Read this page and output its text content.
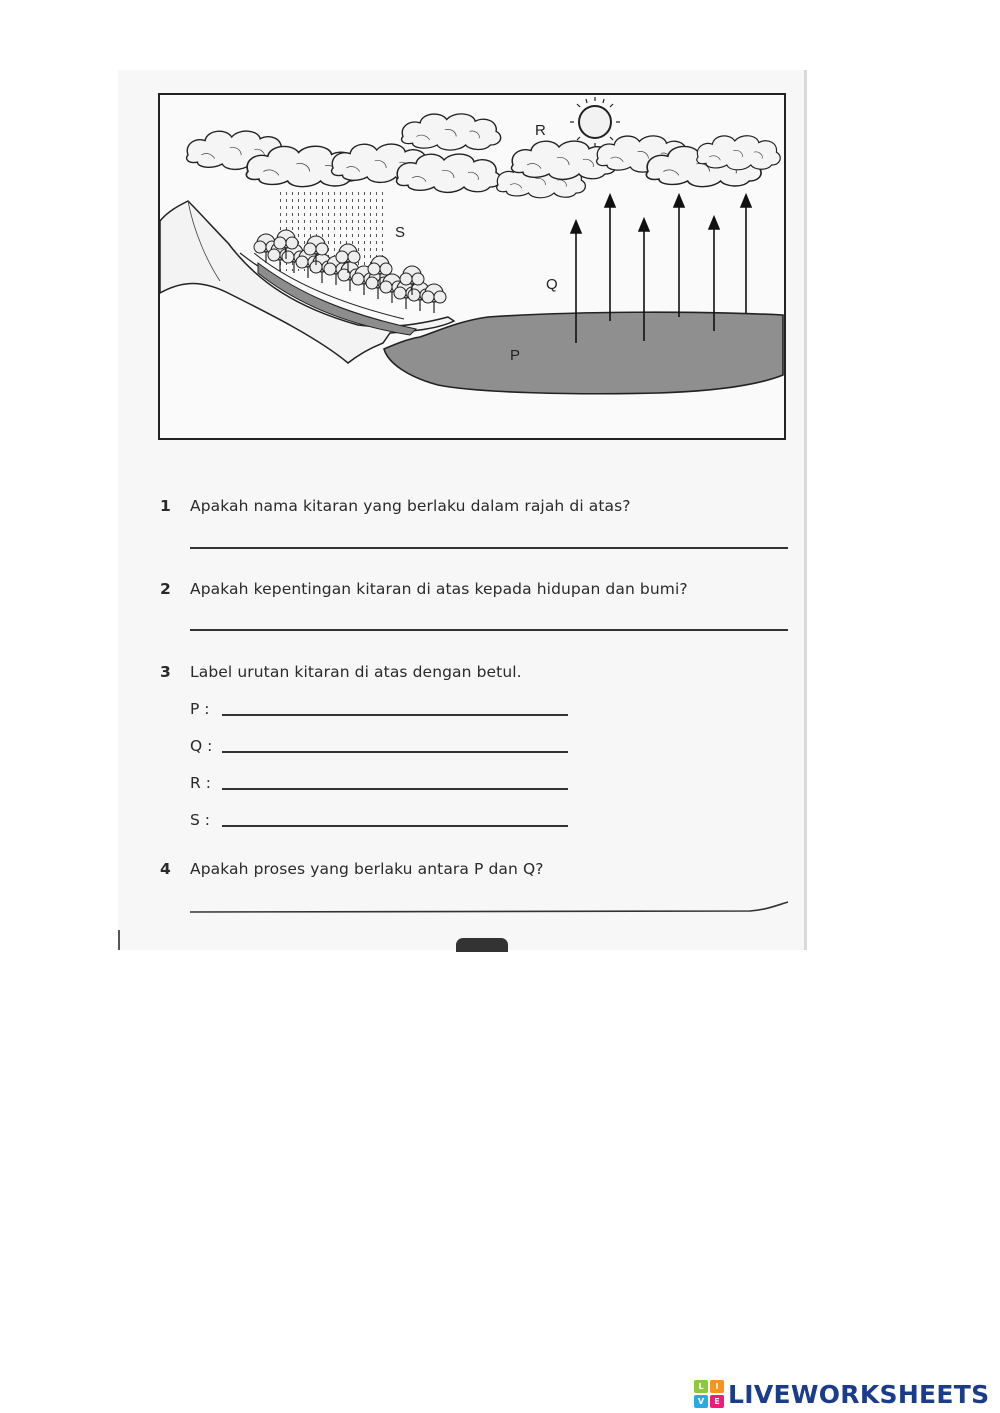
R
S
Q
P
1 Apakah nama kitaran yang berlaku dalam rajah di atas?
2 Apakah kepentingan kitaran di atas kepada hidupan dan bumi?
3 Label urutan kitaran di atas dengan betul.
P :
Q :
R :
S :
4 Apakah proses yang berlaku antara P dan Q?
L	I
V	E LIVEWORKSHEETS
